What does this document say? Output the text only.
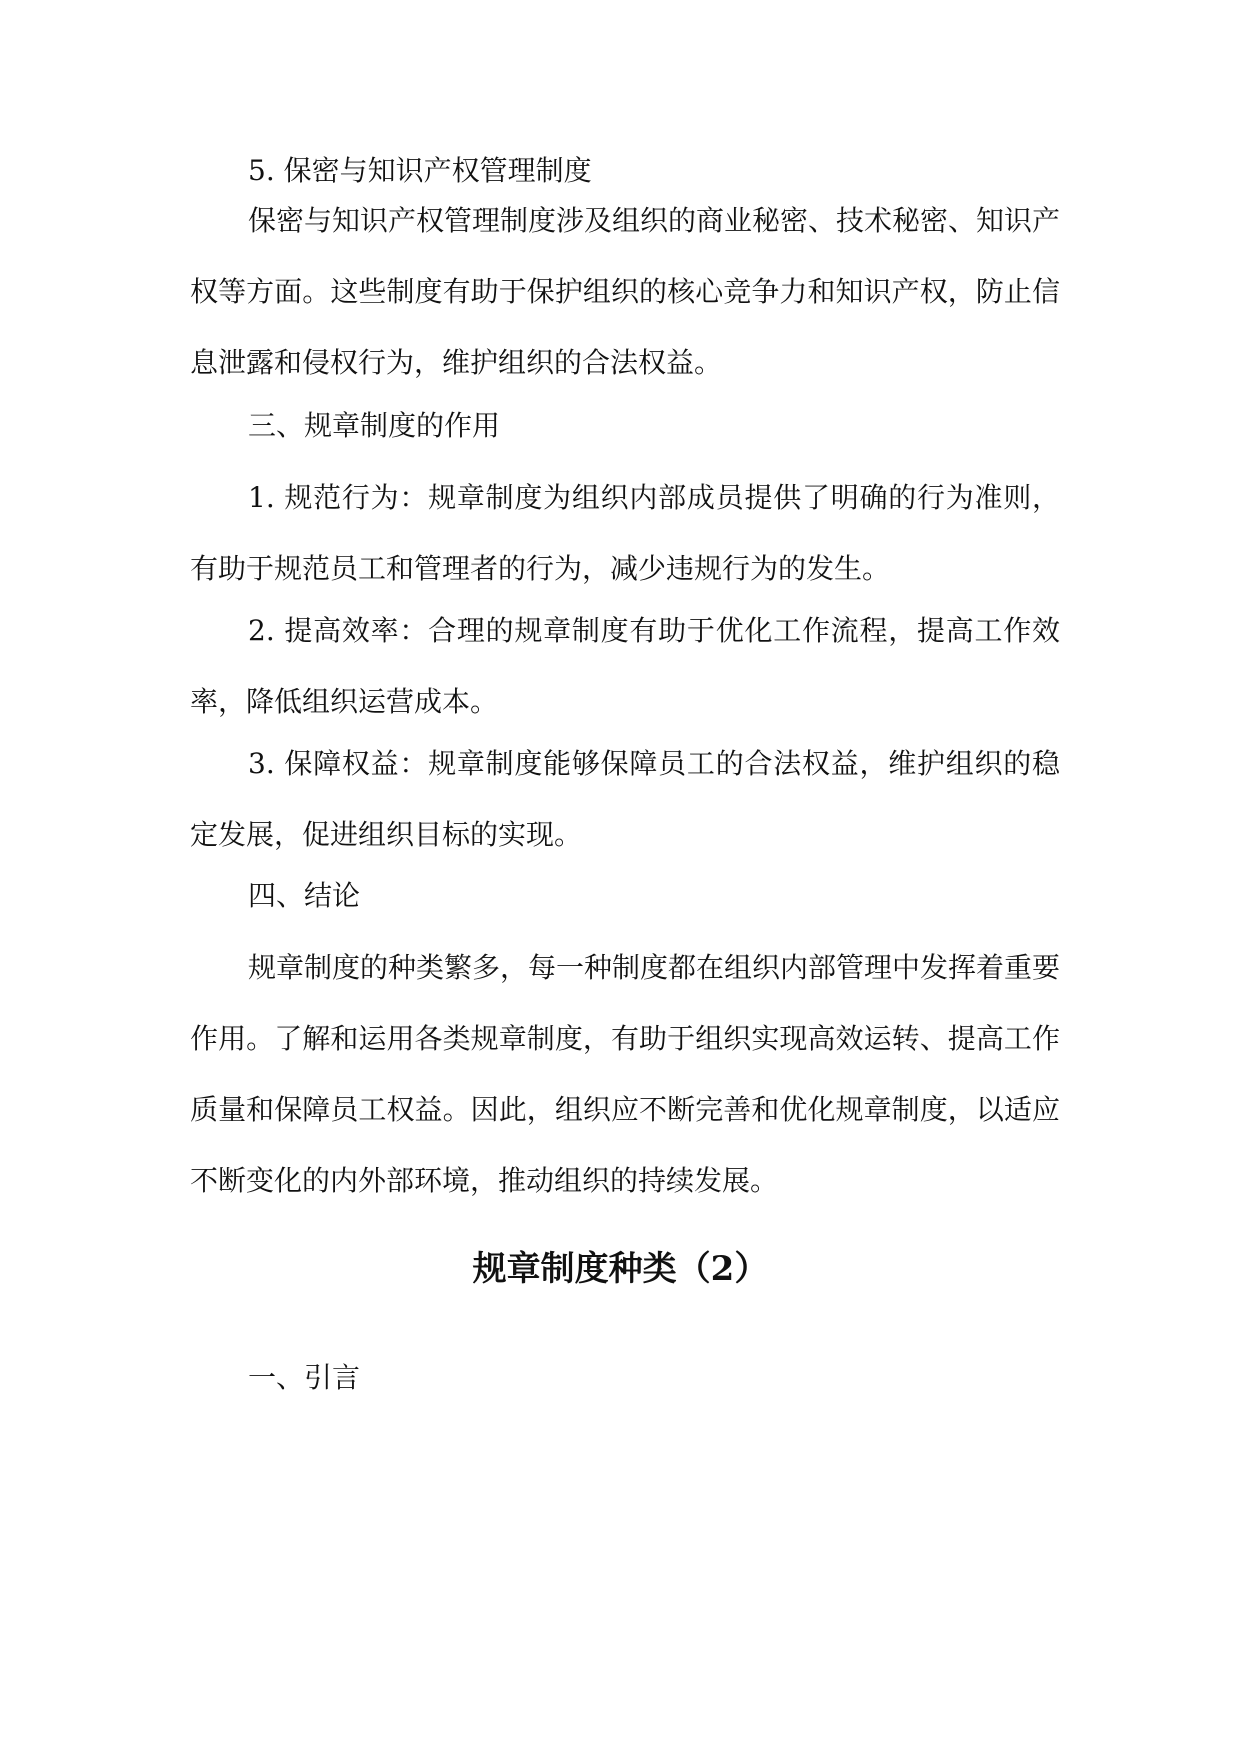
5. 保密与知识产权管理制度

保密与知识产权管理制度涉及组织的商业秘密、技术秘密、知识产权等方面。这些制度有助于保护组织的核心竞争力和知识产权，防止信息泄露和侵权行为，维护组织的合法权益。

三、规章制度的作用

1. 规范行为：规章制度为组织内部成员提供了明确的行为准则，有助于规范员工和管理者的行为，减少违规行为的发生。

2. 提高效率：合理的规章制度有助于优化工作流程，提高工作效率，降低组织运营成本。

3. 保障权益：规章制度能够保障员工的合法权益，维护组织的稳定发展，促进组织目标的实现。

四、结论

规章制度的种类繁多，每一种制度都在组织内部管理中发挥着重要作用。了解和运用各类规章制度，有助于组织实现高效运转、提高工作质量和保障员工权益。因此，组织应不断完善和优化规章制度，以适应不断变化的内外部环境，推动组织的持续发展。

规章制度种类（2）

一、引言
